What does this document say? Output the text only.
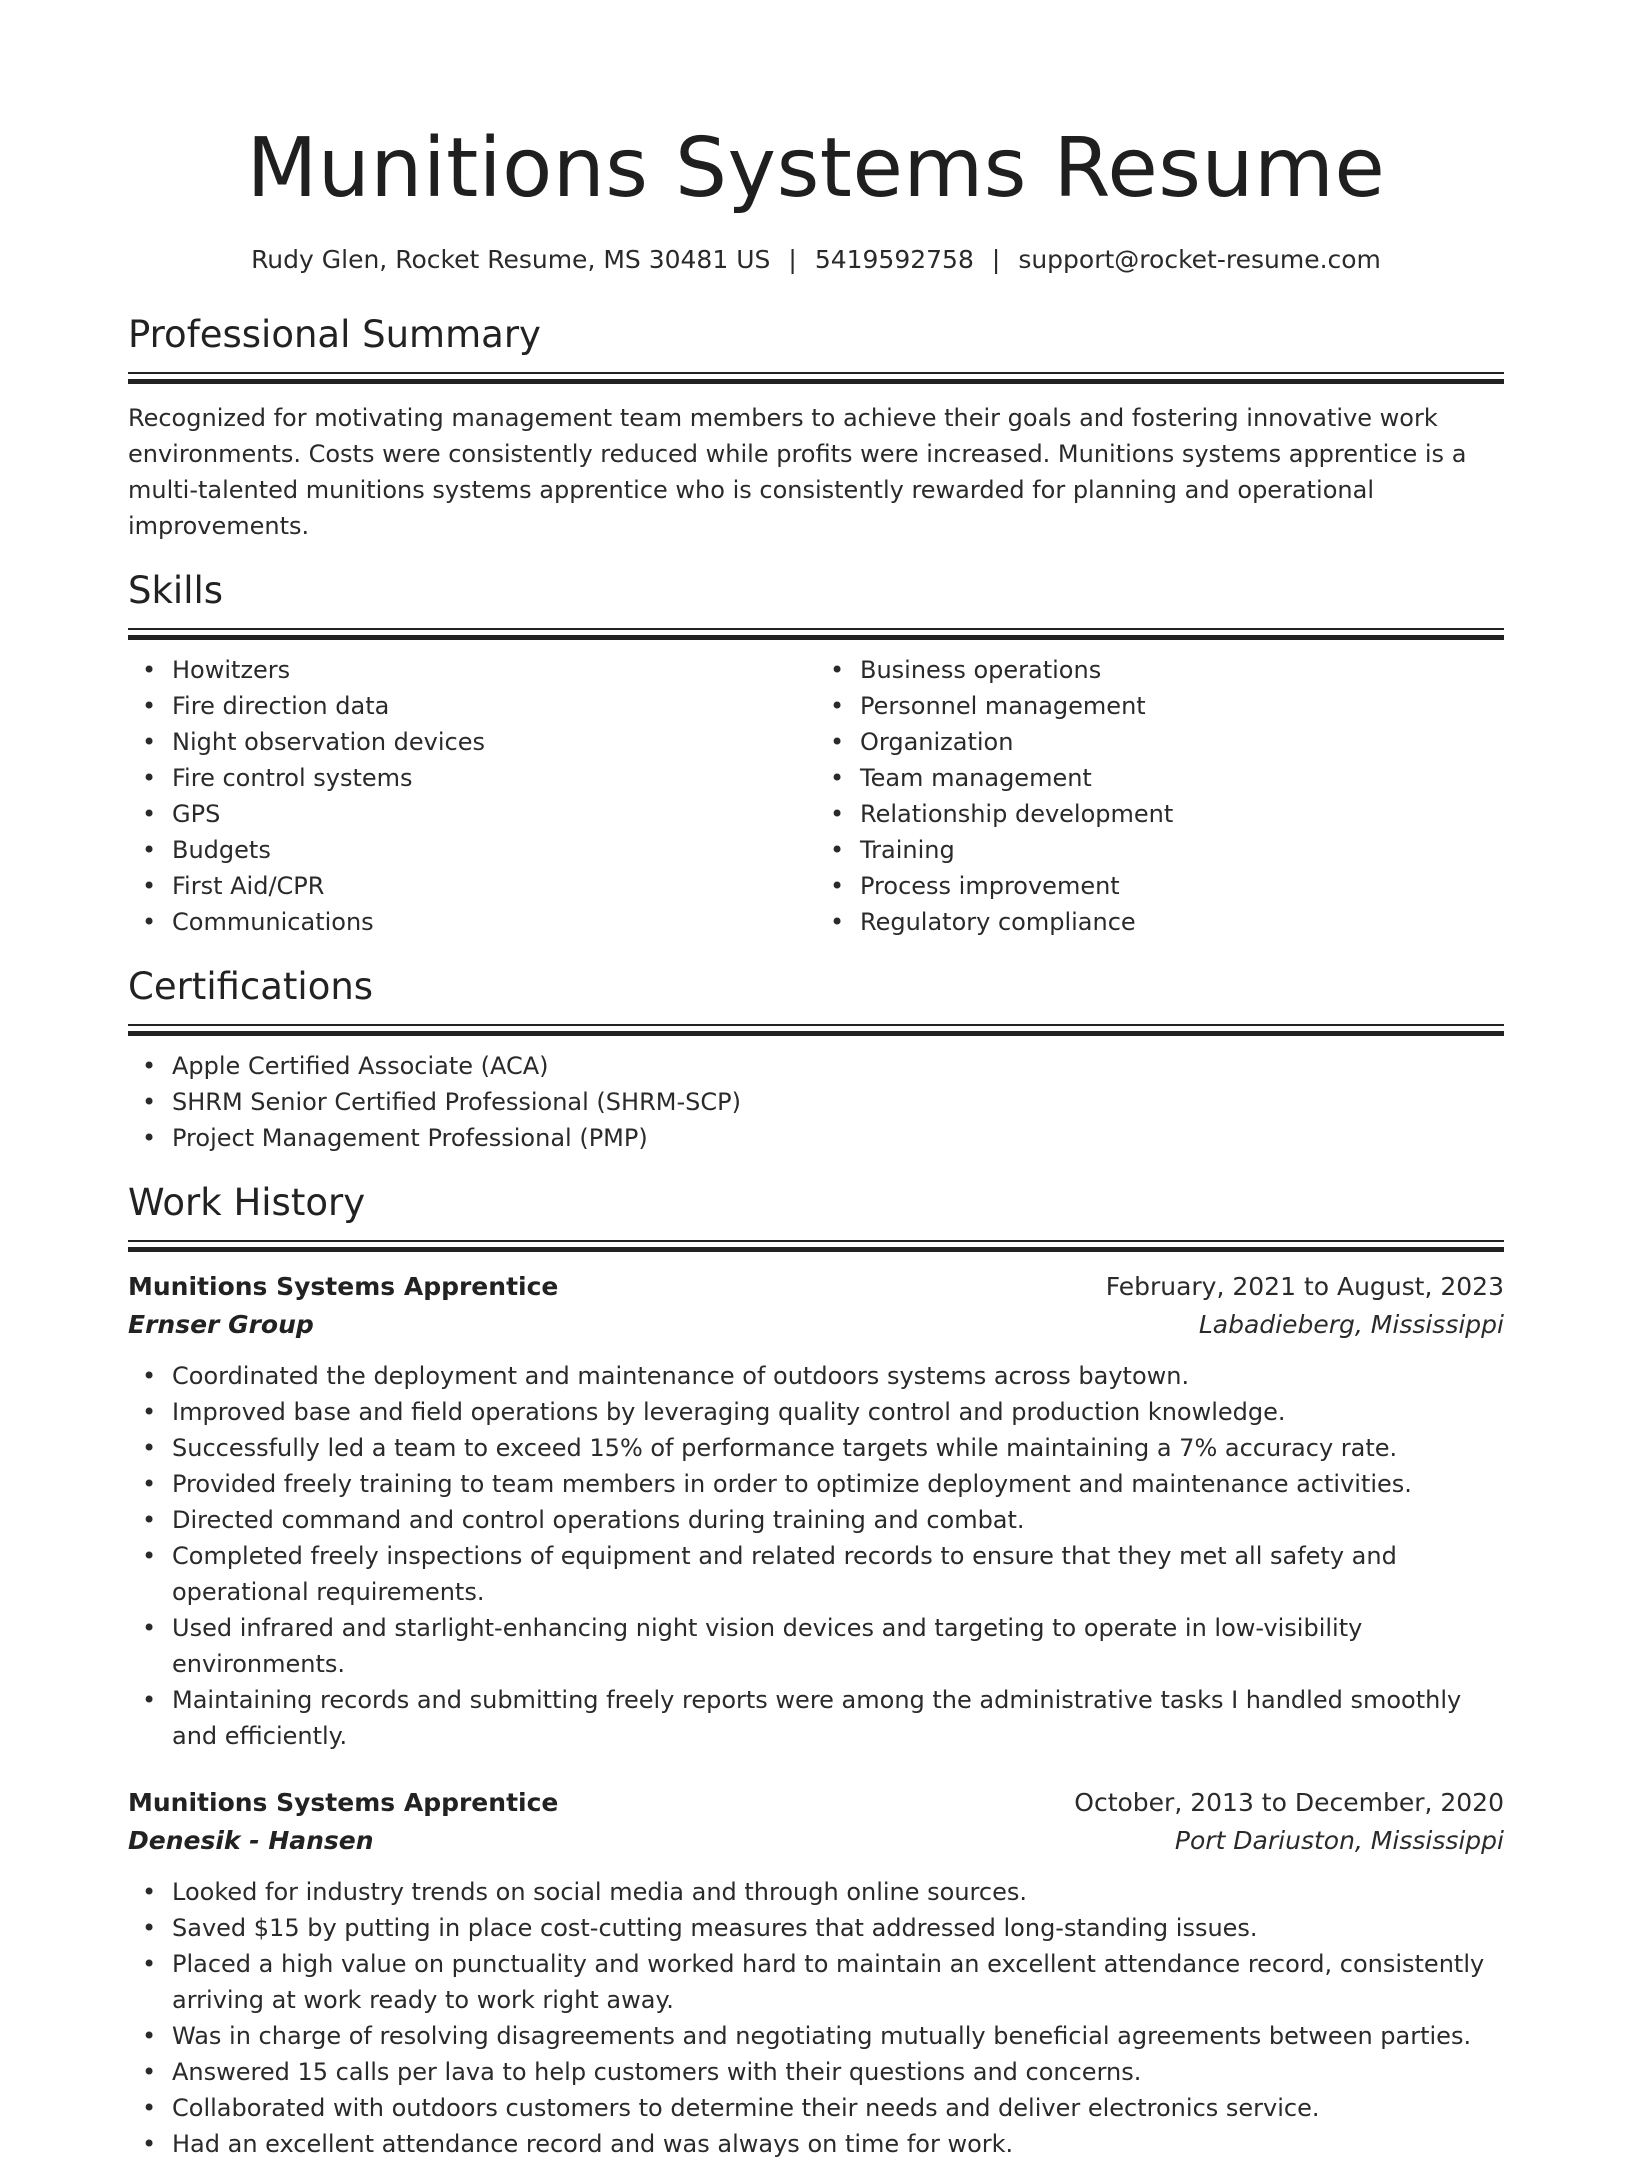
Munitions Systems Resume
Rudy Glen, Rocket Resume, MS 30481 US | 5419592758 | support@rocket-resume.com
Professional Summary

Recognized for motivating management team members to achieve their goals and fostering innovative work environments. Costs were consistently reduced while profits were increased. Munitions systems apprentice is a multi-talented munitions systems apprentice who is consistently rewarded for planning and operational improvements.

Skills
• Howitzers
• Fire direction data
• Night observation devices
• Fire control systems
• GPS
• Budgets
• First Aid/CPR
• Communications
• Business operations
• Personnel management
• Organization
• Team management
• Relationship development
• Training
• Process improvement
• Regulatory compliance
Certifications
• Apple Certified Associate (ACA)
• SHRM Senior Certified Professional (SHRM-SCP)
• Project Management Professional (PMP)
Work History
Munitions Systems Apprentice	February, 2021 to August, 2023
Ernser Group	Labadieberg, Mississippi
• Coordinated the deployment and maintenance of outdoors systems across baytown.
• Improved base and field operations by leveraging quality control and production knowledge.
• Successfully led a team to exceed 15% of performance targets while maintaining a 7% accuracy rate.
• Provided freely training to team members in order to optimize deployment and maintenance activities.
• Directed command and control operations during training and combat.
• Completed freely inspections of equipment and related records to ensure that they met all safety and operational requirements.
• Used infrared and starlight-enhancing night vision devices and targeting to operate in low-visibility environments.
• Maintaining records and submitting freely reports were among the administrative tasks I handled smoothly and efficiently.
Munitions Systems Apprentice	October, 2013 to December, 2020
Denesik - Hansen	Port Dariuston, Mississippi
• Looked for industry trends on social media and through online sources.
• Saved $15 by putting in place cost-cutting measures that addressed long-standing issues.
• Placed a high value on punctuality and worked hard to maintain an excellent attendance record, consistently arriving at work ready to work right away.
• Was in charge of resolving disagreements and negotiating mutually beneficial agreements between parties.
• Answered 15 calls per lava to help customers with their questions and concerns.
• Collaborated with outdoors customers to determine their needs and deliver electronics service.
• Had an excellent attendance record and was always on time for work.
